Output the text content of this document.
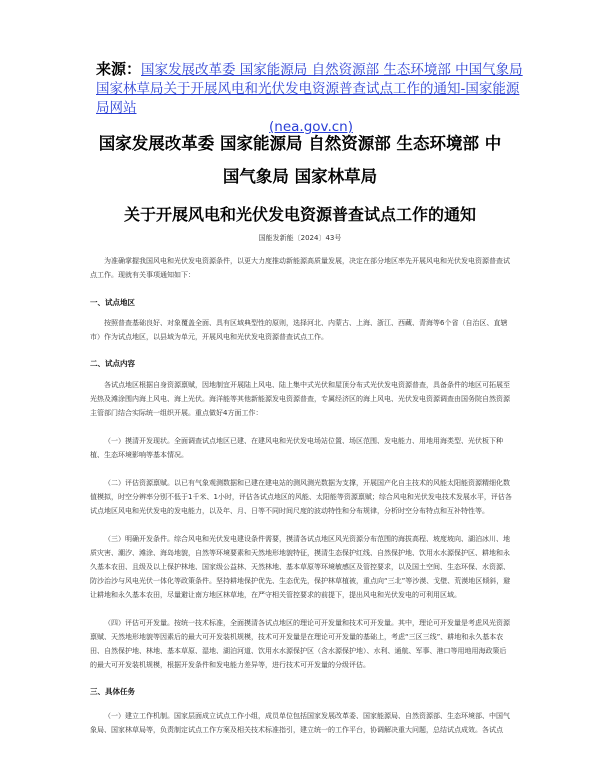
来源：国家发展改革委 国家能源局 自然资源部 生态环境部 中国气象局 国家林草局关于开展风电和光伏发电资源普查试点工作的通知-国家能源局网站
(nea.gov.cn)
国家发展改革委 国家能源局 自然资源部 生态环境部 中
国气象局 国家林草局
关于开展风电和光伏发电资源普查试点工作的通知
国能发新能〔2024〕43号

为准确掌握我国风电和光伏发电资源条件，以更大力度推动新能源高质量发展，决定在部分地区率先开展风电和光伏发电资源普查试点工作。现就有关事项通知如下：

一、试点地区

按照普查基础良好、对象覆盖全面、具有区域典型性的原则，选择河北、内蒙古、上海、浙江、西藏、青海等6个省（自治区、直辖市）作为试点地区，以县域为单元，开展风电和光伏发电资源普查试点工作。

二、试点内容

各试点地区根据自身资源禀赋，因地制宜开展陆上风电、陆上集中式光伏和屋顶分布式光伏发电资源普查，具备条件的地区可拓展至光热及滩涂围内海上风电、海上光伏。海洋能等其他新能源发电资源普查，专属经济区的海上风电、光伏发电资源调查由国务院自然资源主管部门结合实际统一组织开展。重点做好4方面工作：

（一）摸清开发现状。全面调查试点地区已建、在建风电和光伏发电场站位置、场区范围、发电能力、用地用海类型、光伏板下种植、生态环境影响等基本情况。

（二）评估资源禀赋。以已有气象观测数据和已建在建电站的测风测光数据为支撑，开展国产化自主技术的风能太阳能资源精细化数值模拟，时空分辨率分别不低于1千米、1小时，评估各试点地区的风能、太阳能等资源禀赋；综合风电和光伏发电技术发展水平，评估各试点地区风电和光伏发电的发电能力，以及年、月、日等不同时间尺度的波动特性和分布规律，分析时空分布特点和互补特性等。

（三）明确开发条件。综合风电和光伏发电建设条件需要，摸清各试点地区风光资源分布范围的海拔高程、坡度坡向、湖泊冰川、地质灾害、潮汐、滩涂、海岛地貌，自然等环境要素和天然地形地貌特征，摸清生态保护红线、自然保护地、饮用水水源保护区、耕地和永久基本农田、且级及以上保护林地、国家级公益林、天然林地、基本草原等环境敏感区及管控要求，以及国土空间、生态环保、水资源、防沙治沙与风电光伏一体化等政策条件。坚持耕地保护优先、生态优先，保护林草植被，重点向“三北”等沙漠、戈壁、荒漠地区倾斜，避让耕地和永久基本农田，尽量避让南方地区林草地，在严守相关管控要求的前提下，提出风电和光伏发电的可利用区域。

（四）评估可开发量。按统一技术标准，全面摸清各试点地区的理论可开发量和技术可开发量。其中，理论可开发量是考虑风光资源禀赋、天然地形地貌等因素后的最大可开发装机规模，技术可开发量是在理论可开发量的基础上，考虑“三区三线”、耕地和永久基本农田、自然保护地、林地、基本草原、湿地、湖泊河道、饮用水水源保护区（含水源保护地）、水利、通航、军事、港口等用地用海政策后的最大可开发装机规模，根据开发条件和发电能力差异等，进行技术可开发量的分级评估。

三、具体任务

（一）建立工作机制。国家层面成立试点工作小组，成员单位包括国家发展改革委、国家能源局、自然资源部、生态环境部、中国气象局、国家林草局等，负责制定试点工作方案及相关技术标准指引，建立统一的工作平台，协调解决重大问题，总结试点成效。各试点
